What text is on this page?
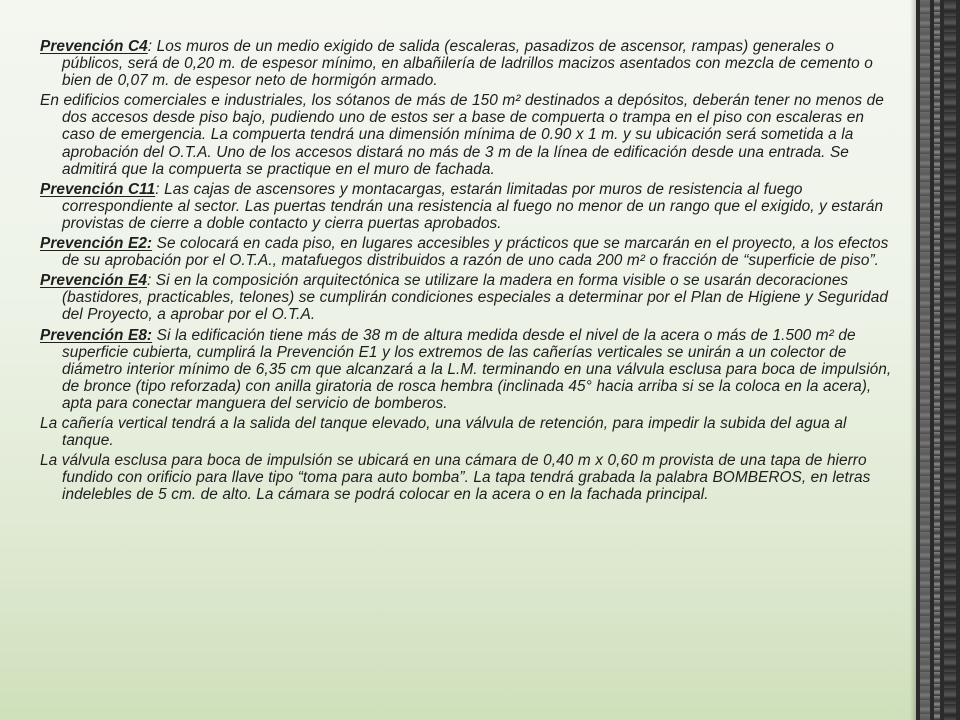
Prevención C4: Los muros de un medio exigido de salida (escaleras, pasadizos de ascensor, rampas) generales o públicos, será de 0,20 m. de espesor mínimo, en albañilería de ladrillos macizos asentados con mezcla de cemento o bien de 0,07 m. de espesor neto de hormigón armado.

En edificios comerciales e industriales, los sótanos de más de 150 m² destinados a depósitos, deberán tener no menos de dos accesos desde piso bajo, pudiendo uno de estos ser a base de compuerta o trampa en el piso con escaleras en caso de emergencia. La compuerta tendrá una dimensión mínima de 0.90 x 1 m. y su ubicación será sometida a la aprobación del O.T.A. Uno de los accesos distará no más de 3 m de la línea de edificación desde una entrada. Se admitirá que la compuerta se practique en el muro de fachada.

Prevención C11: Las cajas de ascensores y montacargas, estarán limitadas por muros de resistencia al fuego correspondiente al sector. Las puertas tendrán una resistencia al fuego no menor de un rango que el exigido, y estarán provistas de cierre a doble contacto y cierra puertas aprobados.

Prevención E2: Se colocará en cada piso, en lugares accesibles y prácticos que se marcarán en el proyecto, a los efectos de su aprobación por el O.T.A., matafuegos distribuidos a razón de uno cada 200 m² o fracción de “superficie de piso”.

Prevención E4: Si en la composición arquitectónica se utilizare la madera en forma visible o se usarán decoraciones (bastidores, practicables, telones) se cumplirán condiciones especiales a determinar por el Plan de Higiene y Seguridad del Proyecto, a aprobar por el O.T.A.

Prevención E8: Si la edificación tiene más de 38 m de altura medida desde el nivel de la acera o más de 1.500 m² de superficie cubierta, cumplirá la Prevención E1 y los extremos de las cañerías verticales se unirán a un colector de diámetro interior mínimo de 6,35 cm que alcanzará a la L.M. terminando en una válvula esclusa para boca de impulsión, de bronce (tipo reforzada) con anilla giratoria de rosca hembra (inclinada 45° hacia arriba si se la coloca en la acera), apta para conectar manguera del servicio de bomberos.

La cañería vertical tendrá a la salida del tanque elevado, una válvula de retención, para impedir la subida del agua al tanque.

La válvula esclusa para boca de impulsión se ubicará en una cámara de 0,40 m x 0,60 m provista de una tapa de hierro fundido con orificio para llave tipo “toma para auto bomba”. La tapa tendrá grabada la palabra BOMBEROS, en letras indelebles de 5 cm. de alto. La cámara se podrá colocar en la acera o en la fachada principal.
